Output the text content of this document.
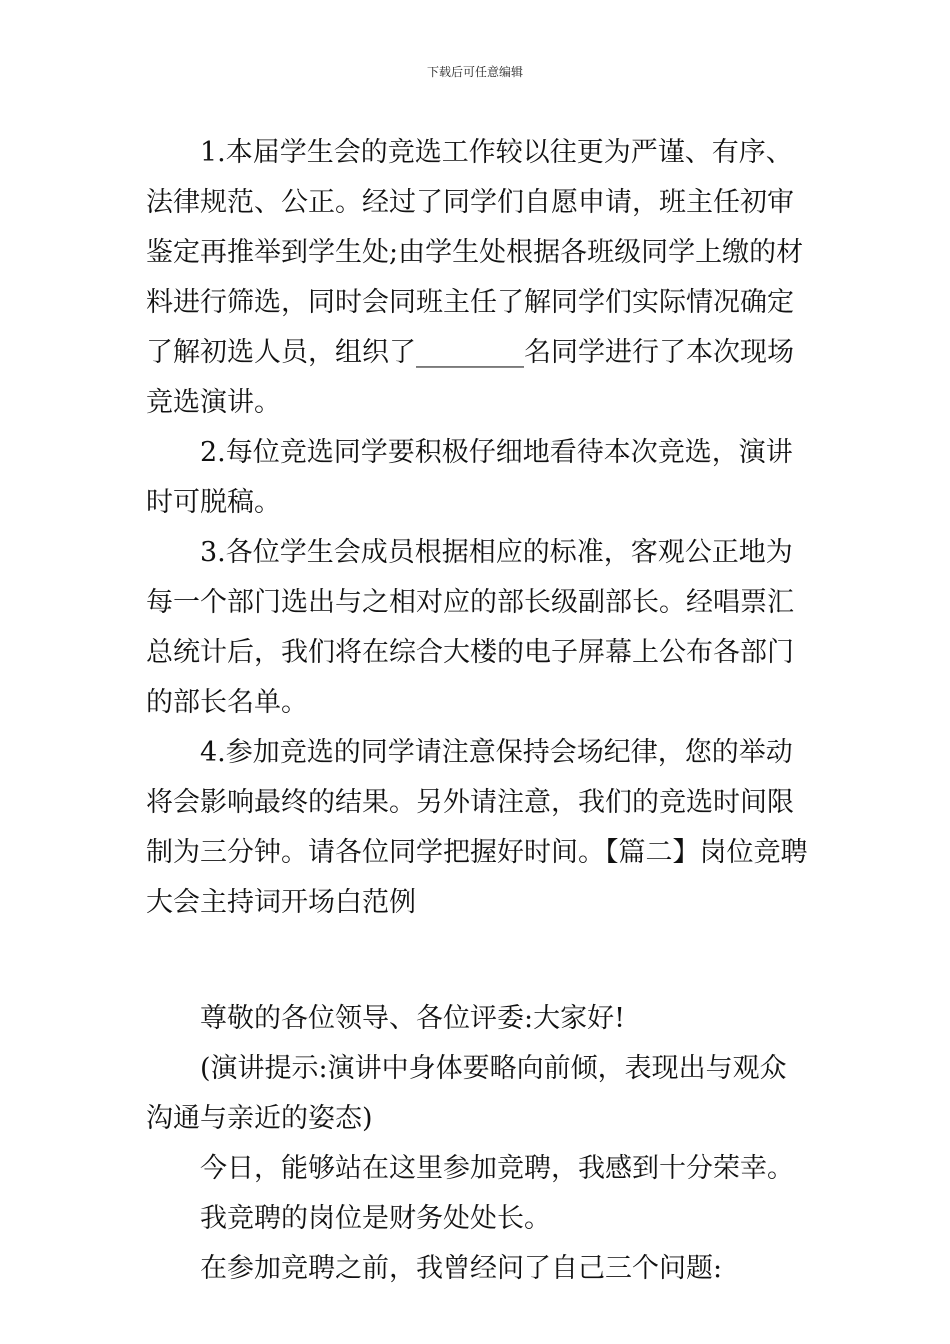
下载后可任意编辑

1.本届学生会的竞选工作较以往更为严谨、有序、法律规范、公正。经过了同学们自愿申请，班主任初审鉴定再推举到学生处;由学生处根据各班级同学上缴的材料进行筛选，同时会同班主任了解同学们实际情况确定了解初选人员，组织了________名同学进行了本次现场竞选演讲。

2.每位竞选同学要积极仔细地看待本次竞选，演讲时可脱稿。

3.各位学生会成员根据相应的标准，客观公正地为每一个部门选出与之相对应的部长级副部长。经唱票汇总统计后，我们将在综合大楼的电子屏幕上公布各部门的部长名单。

4.参加竞选的同学请注意保持会场纪律，您的举动将会影响最终的结果。另外请注意，我们的竞选时间限制为三分钟。请各位同学把握好时间。【篇二】岗位竞聘大会主持词开场白范例

尊敬的各位领导、各位评委:大家好!

(演讲提示:演讲中身体要略向前倾，表现出与观众沟通与亲近的姿态)

今日，能够站在这里参加竞聘，我感到十分荣幸。

我竞聘的岗位是财务处处长。

在参加竞聘之前，我曾经问了自己三个问题:
